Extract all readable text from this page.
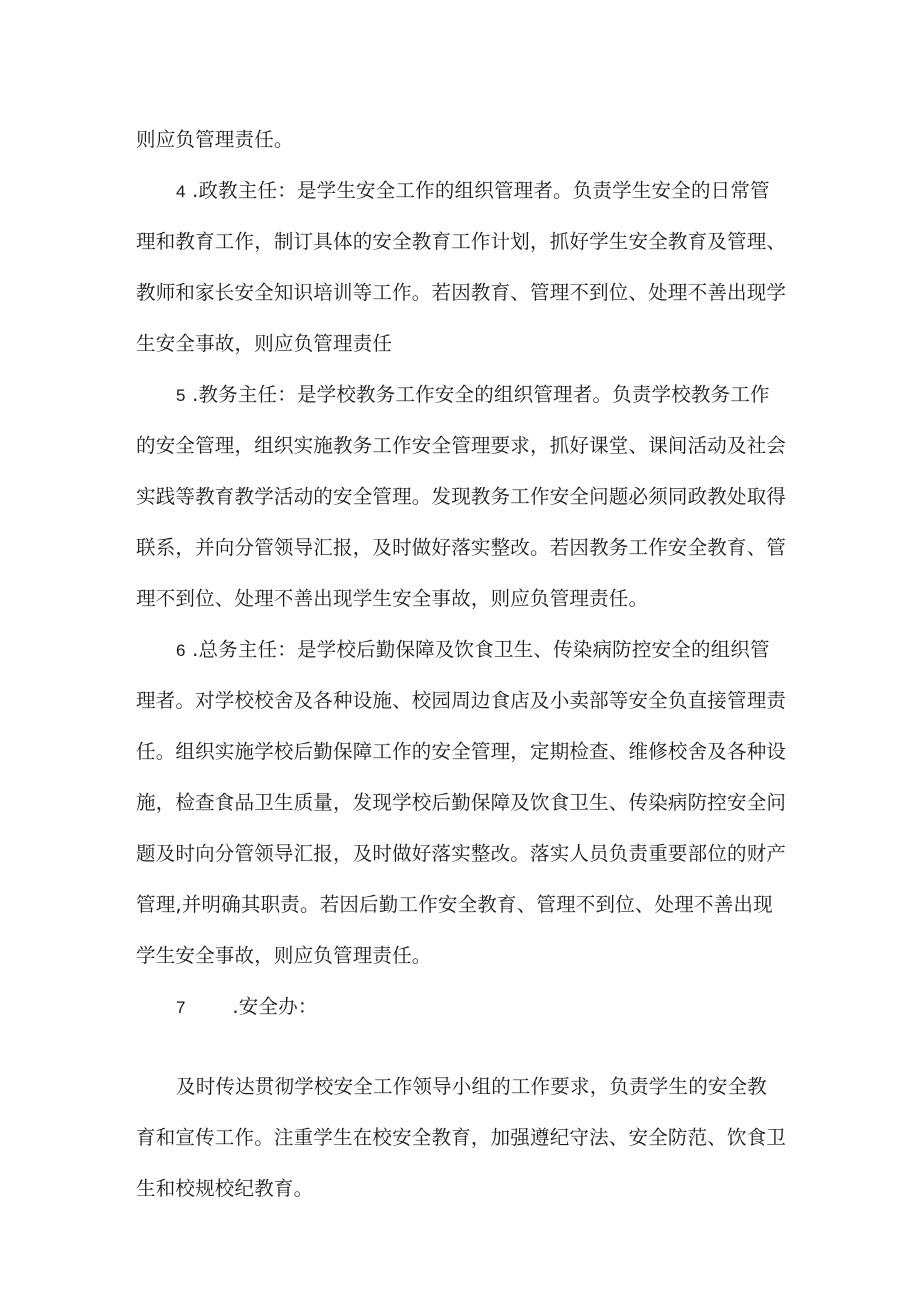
则应负管理责任。
4 .政教主任：是学生安全工作的组织管理者。负责学生安全的日常管
理和教育工作，制订具体的安全教育工作计划，抓好学生安全教育及管理、
教师和家长安全知识培训等工作。若因教育、管理不到位、处理不善出现学
生安全事故，则应负管理责任
5 .教务主任：是学校教务工作安全的组织管理者。负责学校教务工作
的安全管理，组织实施教务工作安全管理要求，抓好课堂、课间活动及社会
实践等教育教学活动的安全管理。发现教务工作安全问题必须同政教处取得
联系，并向分管领导汇报，及时做好落实整改。若因教务工作安全教育、管
理不到位、处理不善出现学生安全事故，则应负管理责任。
6 .总务主任：是学校后勤保障及饮食卫生、传染病防控安全的组织管
理者。对学校校舍及各种设施、校园周边食店及小卖部等安全负直接管理责
任。组织实施学校后勤保障工作的安全管理，定期检查、维修校舍及各种设
施，检查食品卫生质量，发现学校后勤保障及饮食卫生、传染病防控安全问
题及时向分管领导汇报，及时做好落实整改。落实人员负责重要部位的财产
管理,并明确其职责。若因后勤工作安全教育、管理不到位、处理不善出现
学生安全事故，则应负管理责任。
7 .安全办：
及时传达贯彻学校安全工作领导小组的工作要求，负责学生的安全教
育和宣传工作。注重学生在校安全教育，加强遵纪守法、安全防范、饮食卫
生和校规校纪教育。
